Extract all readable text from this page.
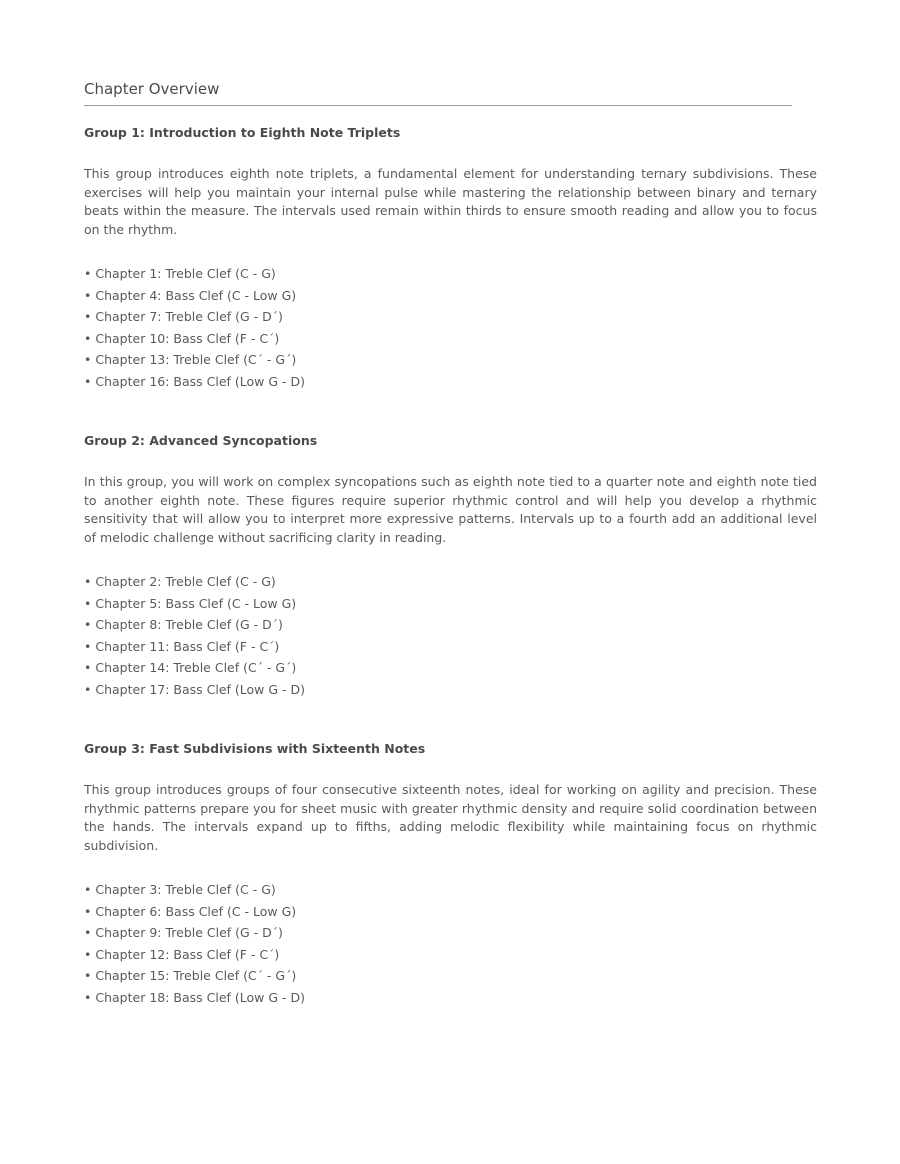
Chapter Overview
Group 1: Introduction to Eighth Note Triplets

This group introduces eighth note triplets, a fundamental element for understanding ternary subdivisions. These exercises will help you maintain your internal pulse while mastering the relationship between binary and ternary beats within the measure. The intervals used remain within thirds to ensure smooth reading and allow you to focus on the rhythm.

• Chapter 1: Treble Clef (C - G)
• Chapter 4: Bass Clef (C - Low G)
• Chapter 7: Treble Clef (G - D´)
• Chapter 10: Bass Clef (F - C´)
• Chapter 13: Treble Clef (C´ - G´)
• Chapter 16: Bass Clef (Low G - D)
Group 2: Advanced Syncopations

In this group, you will work on complex syncopations such as eighth note tied to a quarter note and eighth note tied to another eighth note. These figures require superior rhythmic control and will help you develop a rhythmic sensitivity that will allow you to interpret more expressive patterns. Intervals up to a fourth add an additional level of melodic challenge without sacrificing clarity in reading.

• Chapter 2: Treble Clef (C - G)
• Chapter 5: Bass Clef (C - Low G)
• Chapter 8: Treble Clef (G - D´)
• Chapter 11: Bass Clef (F - C´)
• Chapter 14: Treble Clef (C´ - G´)
• Chapter 17: Bass Clef (Low G - D)
Group 3: Fast Subdivisions with Sixteenth Notes

This group introduces groups of four consecutive sixteenth notes, ideal for working on agility and precision. These rhythmic patterns prepare you for sheet music with greater rhythmic density and require solid coordination between the hands. The intervals expand up to fifths, adding melodic flexibility while maintaining focus on rhythmic subdivision.

• Chapter 3: Treble Clef (C - G)
• Chapter 6: Bass Clef (C - Low G)
• Chapter 9: Treble Clef (G - D´)
• Chapter 12: Bass Clef (F - C´)
• Chapter 15: Treble Clef (C´ - G´)
• Chapter 18: Bass Clef (Low G - D)
